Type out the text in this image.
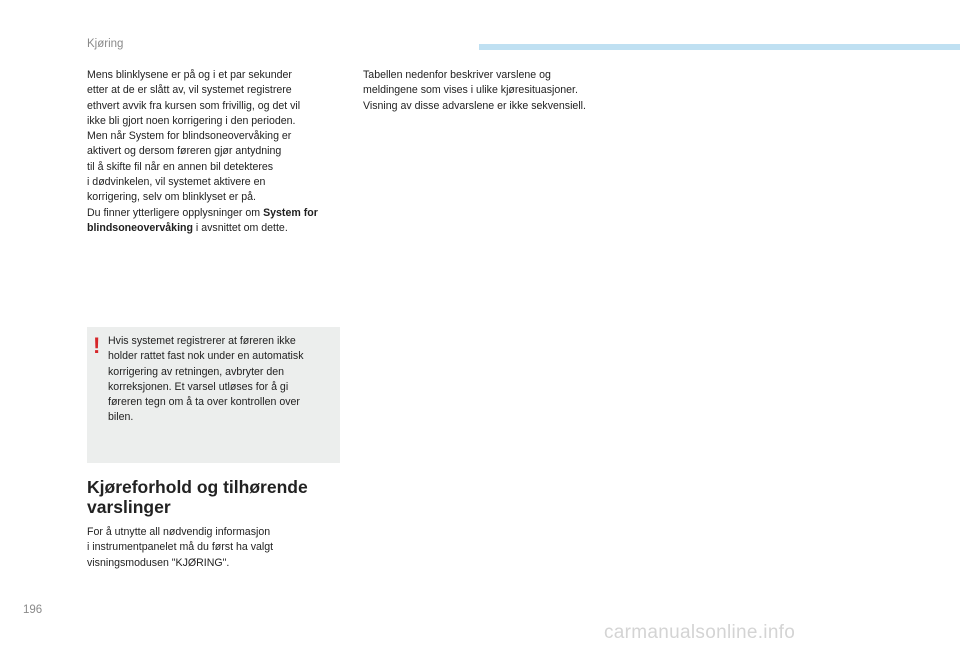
Kjøring

Mens blinklysene er på og i et par sekunder
etter at de er slått av, vil systemet registrere
ethvert avvik fra kursen som frivillig, og det vil
ikke bli gjort noen korrigering i den perioden.
Men når System for blindsoneovervåking er
aktivert og dersom føreren gjør antydning
til å skifte fil når en annen bil detekteres
i dødvinkelen, vil systemet aktivere en
korrigering, selv om blinklyset er på.
Du finner ytterligere opplysninger om System for blindsoneovervåking i avsnittet om dette.

! Hvis systemet registrerer at føreren ikke
holder rattet fast nok under en automatisk
korrigering av retningen, avbryter den
korreksjonen. Et varsel utløses for å gi
føreren tegn om å ta over kontrollen over
bilen.

Kjøreforhold og tilhørende varslinger

For å utnytte all nødvendig informasjon
i instrumentpanelet må du først ha valgt
visningsmodusen "KJØRING".

Tabellen nedenfor beskriver varslene og
meldingene som vises i ulike kjøresituasjoner.
Visning av disse advarslene er ikke sekvensiell.

196

carmanualsonline.info
